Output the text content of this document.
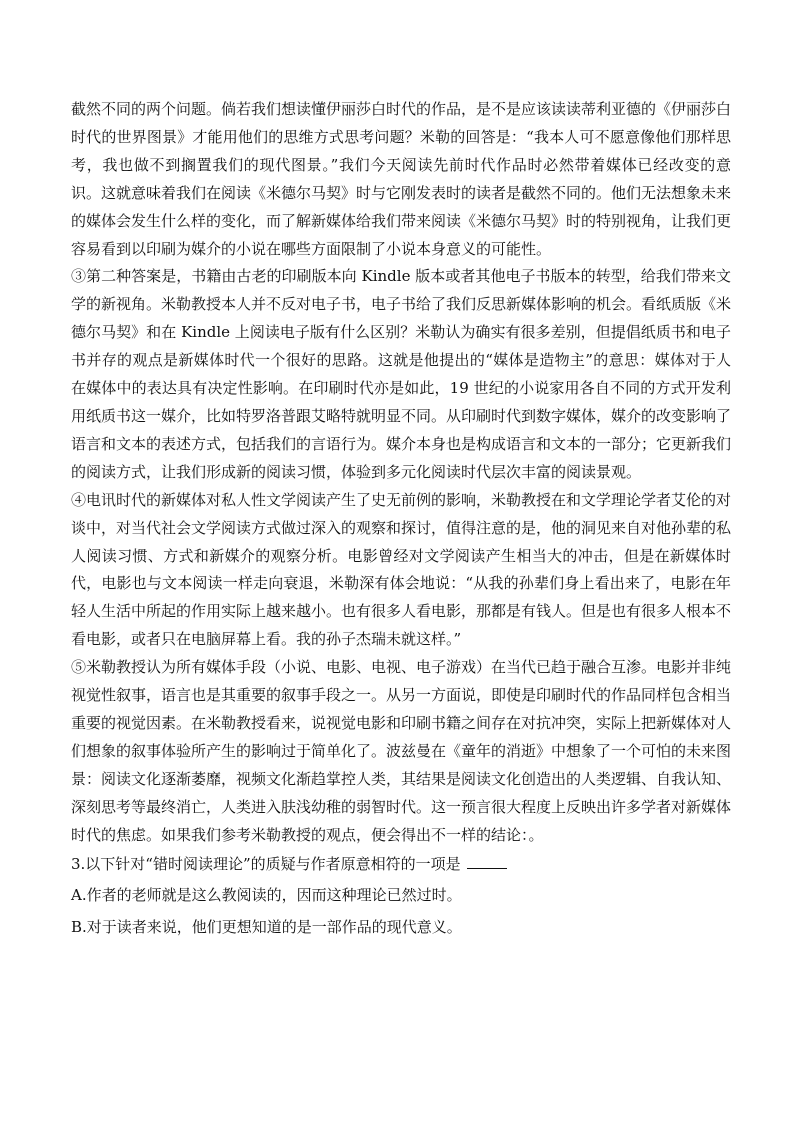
截然不同的两个问题。倘若我们想读懂伊丽莎白时代的作品，是不是应该读读蒂利亚德的《伊丽莎白时代的世界图景》才能用他们的思维方式思考问题？米勒的回答是：“我本人可不愿意像他们那样思考，我也做不到搁置我们的现代图景。”我们今天阅读先前时代作品时必然带着媒体已经改变的意识。这就意味着我们在阅读《米德尔马契》时与它刚发表时的读者是截然不同的。他们无法想象未来的媒体会发生什么样的变化，而了解新媒体给我们带来阅读《米德尔马契》时的特别视角，让我们更容易看到以印刷为媒介的小说在哪些方面限制了小说本身意义的可能性。

③第二种答案是，书籍由古老的印刷版本向 Kindle 版本或者其他电子书版本的转型，给我们带来文学的新视角。米勒教授本人并不反对电子书，电子书给了我们反思新媒体影响的机会。看纸质版《米德尔马契》和在 Kindle 上阅读电子版有什么区别？米勒认为确实有很多差别，但提倡纸质书和电子书并存的观点是新媒体时代一个很好的思路。这就是他提出的“媒体是造物主”的意思：媒体对于人在媒体中的表达具有决定性影响。在印刷时代亦是如此，19 世纪的小说家用各自不同的方式开发利用纸质书这一媒介，比如特罗洛普跟艾略特就明显不同。从印刷时代到数字媒体，媒介的改变影响了语言和文本的表述方式，包括我们的言语行为。媒介本身也是构成语言和文本的一部分；它更新我们的阅读方式，让我们形成新的阅读习惯，体验到多元化阅读时代层次丰富的阅读景观。

④电讯时代的新媒体对私人性文学阅读产生了史无前例的影响，米勒教授在和文学理论学者艾伦的对谈中，对当代社会文学阅读方式做过深入的观察和探讨，值得注意的是，他的洞见来自对他孙辈的私人阅读习惯、方式和新媒介的观察分析。电影曾经对文学阅读产生相当大的冲击，但是在新媒体时代，电影也与文本阅读一样走向衰退，米勒深有体会地说：“从我的孙辈们身上看出来了，电影在年轻人生活中所起的作用实际上越来越小。也有很多人看电影，那都是有钱人。但是也有很多人根本不看电影，或者只在电脑屏幕上看。我的孙子杰瑞未就这样。”

⑤米勒教授认为所有媒体手段（小说、电影、电视、电子游戏）在当代已趋于融合互渗。电影并非纯视觉性叙事，语言也是其重要的叙事手段之一。从另一方面说，即使是印刷时代的作品同样包含相当重要的视觉因素。在米勒教授看来，说视觉电影和印刷书籍之间存在对抗冲突，实际上把新媒体对人们想象的叙事体验所产生的影响过于简单化了。波兹曼在《童年的消逝》中想象了一个可怕的未来图景：阅读文化逐渐萎靡，视频文化渐趋掌控人类，其结果是阅读文化创造出的人类逻辑、自我认知、深刻思考等最终消亡，人类进入肤浅幼稚的弱智时代。这一预言很大程度上反映出许多学者对新媒体时代的焦虑。如果我们参考米勒教授的观点，便会得出不一样的结论：。

3.以下针对“错时阅读理论”的质疑与作者原意相符的一项是

A.作者的老师就是这么教阅读的，因而这种理论已然过时。

B.对于读者来说，他们更想知道的是一部作品的现代意义。
